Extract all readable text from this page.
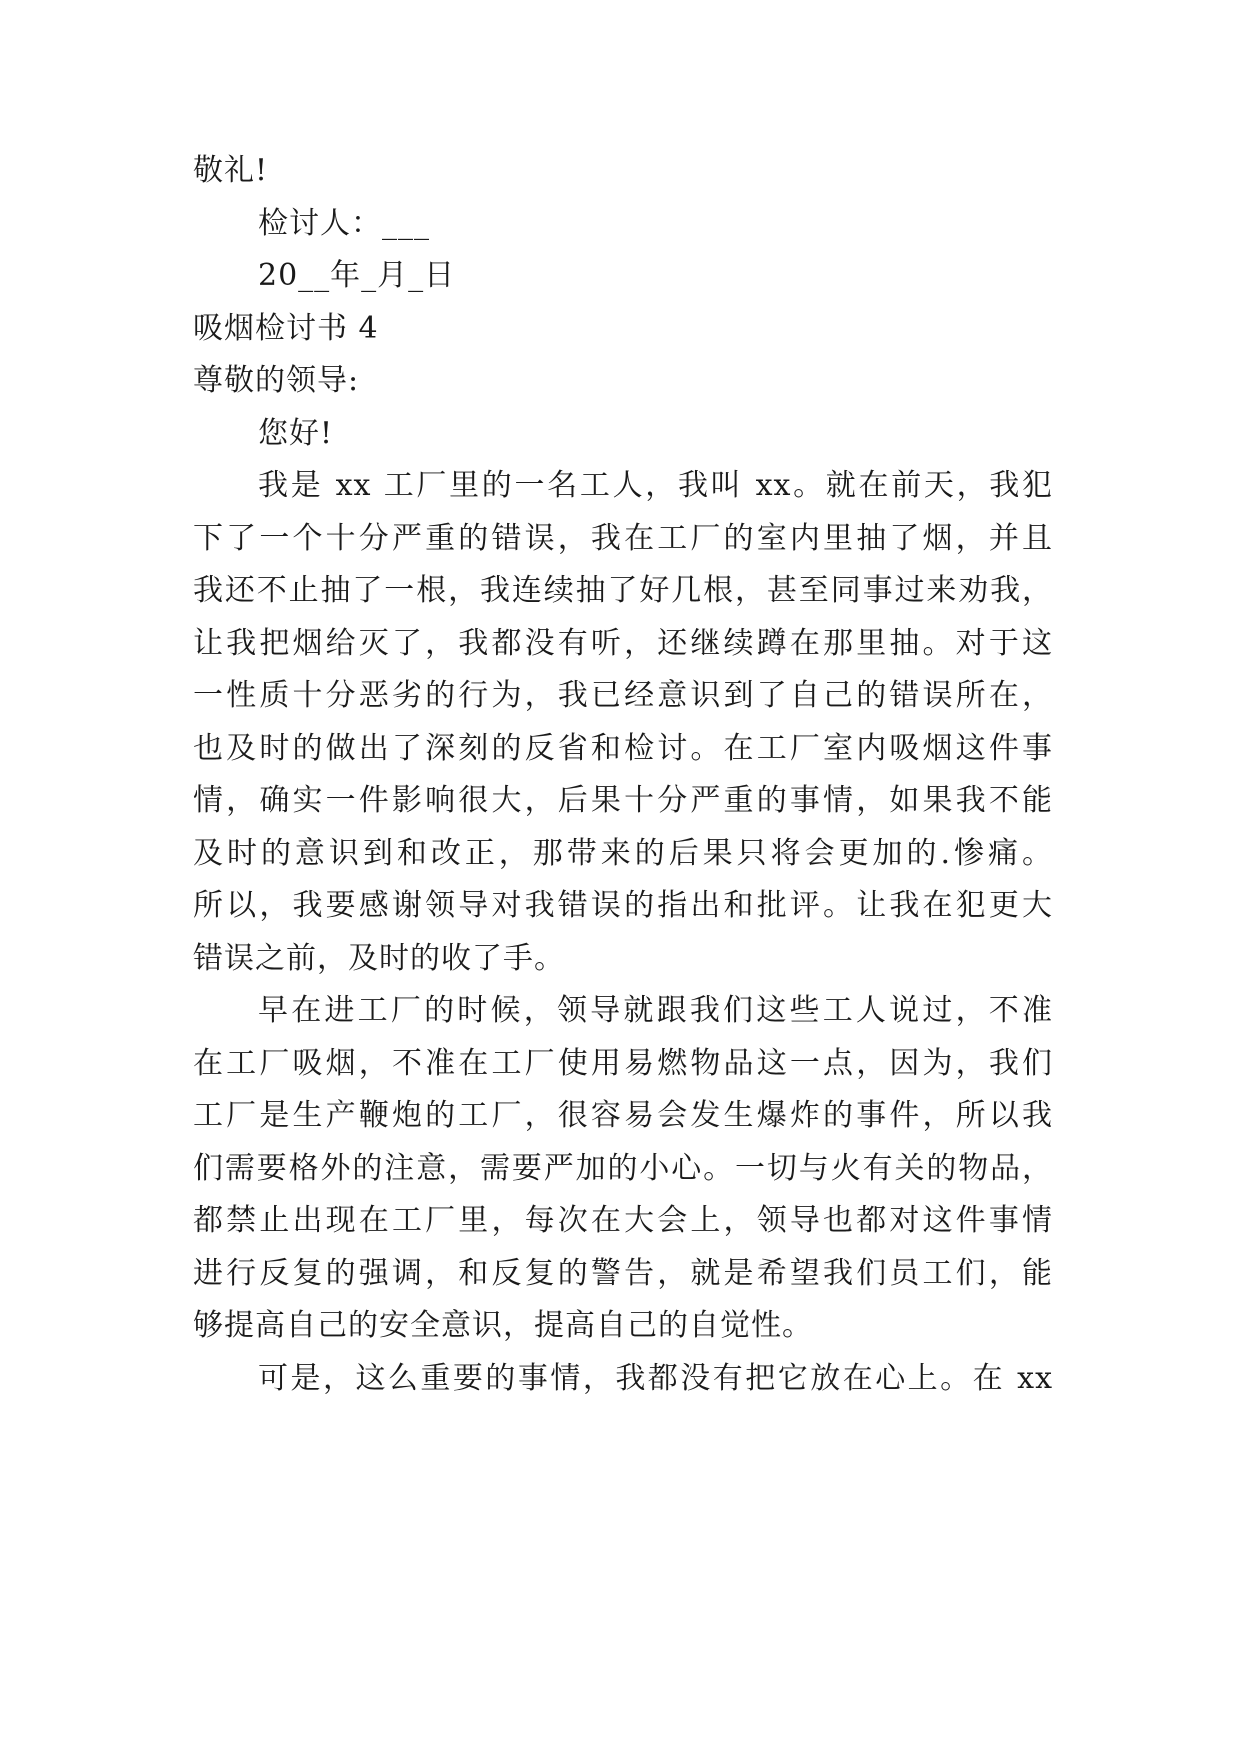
敬礼!
检讨人：___
20__年_月_日
吸烟检讨书 4
尊敬的领导:
您好!
我是 xx 工厂里的一名工人，我叫 xx。就在前天，我犯
下了一个十分严重的错误，我在工厂的室内里抽了烟，并且
我还不止抽了一根，我连续抽了好几根，甚至同事过来劝我，
让我把烟给灭了，我都没有听，还继续蹲在那里抽。对于这
一性质十分恶劣的行为，我已经意识到了自己的错误所在，
也及时的做出了深刻的反省和检讨。在工厂室内吸烟这件事
情，确实一件影响很大，后果十分严重的事情，如果我不能
及时的意识到和改正，那带来的后果只将会更加的.惨痛。
所以，我要感谢领导对我错误的指出和批评。让我在犯更大
错误之前，及时的收了手。
早在进工厂的时候，领导就跟我们这些工人说过，不准
在工厂吸烟，不准在工厂使用易燃物品这一点，因为，我们
工厂是生产鞭炮的工厂，很容易会发生爆炸的事件，所以我
们需要格外的注意，需要严加的小心。一切与火有关的物品，
都禁止出现在工厂里，每次在大会上，领导也都对这件事情
进行反复的强调，和反复的警告，就是希望我们员工们，能
够提高自己的安全意识，提高自己的自觉性。
可是，这么重要的事情，我都没有把它放在心上。在 xx
